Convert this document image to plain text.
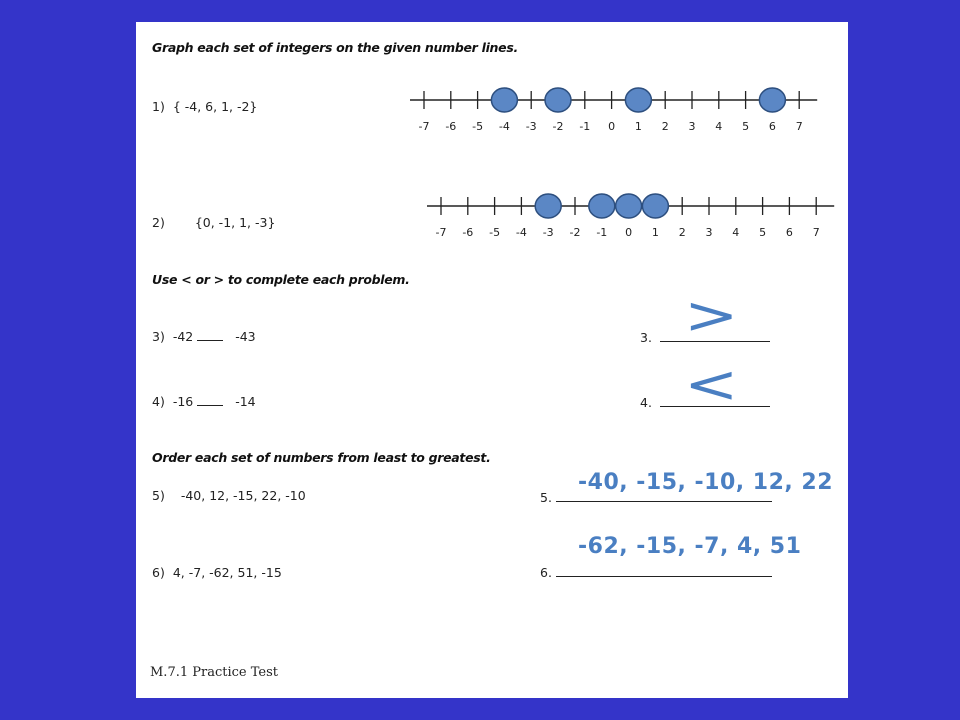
Graph each set of integers on the given number lines.
1) { -4, 6, 1, -2}
-7 -6 -5 -4 -3 -2 -1 0 1 2 3 4 5 6 7
2) {0, -1, 1, -3}
-7 -6 -5 -4 -3 -2 -1 0 1 2 3 4 5 6 7
Use < or > to complete each problem.
3) -42	-43	3. >
4) -16	-14	4. <
Order each set of numbers from least to greatest.
5) -40, 12, -15, 22, -10	5.
-40, -15, -10, 12, 22
6) 4, -7, -62, 51, -15	6.
-62, -15, -7, 4, 51
M.7.1 Practice Test
